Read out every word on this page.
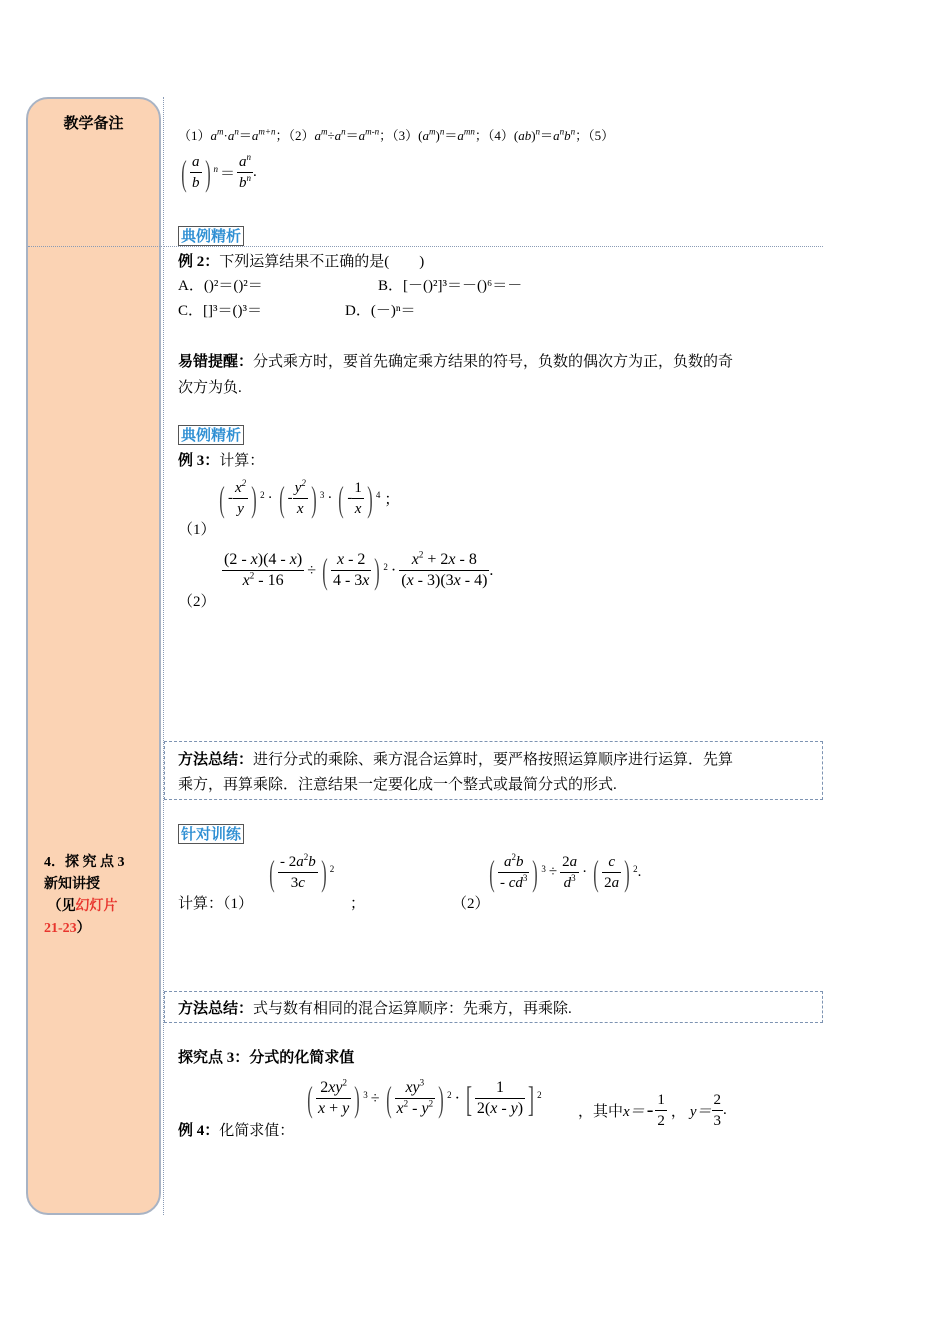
教学备注
4．探 究 点 3
新知讲授
（见幻灯片
21-23）
$(1)a^m\cdot a^n=a^{m+n}$；$(2)a^m\div a^n=a^{m-n}$；$(3)(a^m)^n=a^{mn}$；$(4)(ab)^n=a^nb^n$；（5）
( $\frac{a}{b}$ ) $n = \frac{a^n}{b^n}$ .
典例精析
例 2：下列运算结果不正确的是(　　)
A．()²＝()²＝	B．[－()²]³＝－()⁶＝－
C．[]³＝()³＝	D．(－)ⁿ＝
易错提醒：分式乘方时，要首先确定乘方结果的符号，负数的偶次方为正，负数的奇
次方为负.
典例精析
例 3：计算：
（1）
( - $\frac{x^2}{y}$ ) 2 · ( - $\frac{y^2}{x}$ ) 3 · ( - $\frac{1}{x}$ ) 4 ；
（2）
$\frac{(2 - x)(4 - x)}{x^2 - 16}$ ÷ ( $\frac{x - 2}{4 - 3x}$ ) $2 \cdot \frac{x^2 + 2x - 8}{(x - 3)(3x - 4)}$ .
方法总结：进行分式的乘除、乘方混合运算时，要严格按照运算顺序进行运算．先算
乘方，再算乘除．注意结果一定要化成一个整式或最简分式的形式.
针对训练
计算：（1）
( $\frac{- 2a^2b}{3c}$ ) 2
；	（2）
( $\frac{a^2b}{- cd^3}$ ) $3 \div \frac{2a}{d^3}$ · ( $\frac{c}{2a}$ ) 2 .
方法总结：式与数有相同的混合运算顺序：先乘方，再乘除.
探究点 3：分式的化简求值
例 4：化简求值：
( $\frac{2xy^2}{x + y}$ ) 3 ÷ ( $\frac{xy^3}{x^2 - y^2}$ ) 2 · [ $\frac{1}{2(x - y)}$ ] 2
，其中 $x= - \frac{1}{2}$ ， $y= \frac{2}{3}$ .
